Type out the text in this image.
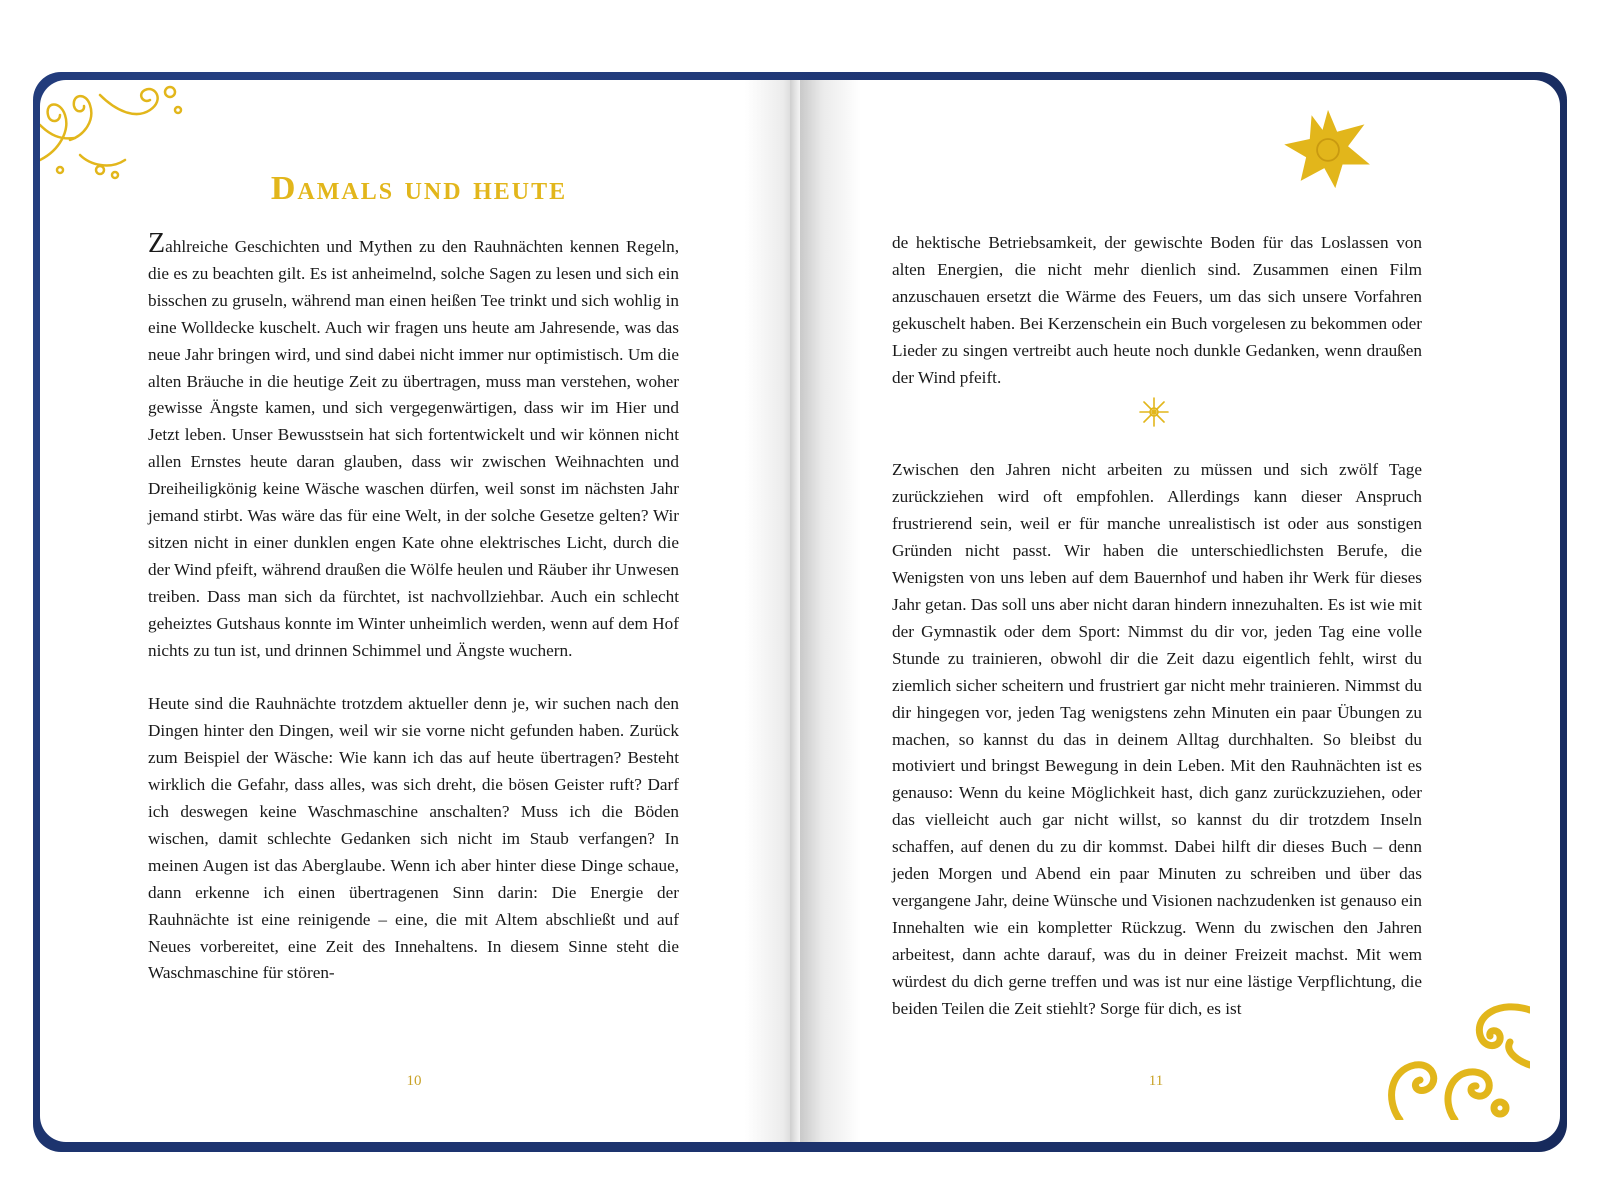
Damals und heute

Zahlreiche Geschichten und Mythen zu den Rauhnächten kennen Regeln, die es zu beachten gilt. Es ist anheimelnd, solche Sagen zu lesen und sich ein bisschen zu gruseln, während man einen heißen Tee trinkt und sich wohlig in eine Wolldecke kuschelt. Auch wir fragen uns heute am Jahresende, was das neue Jahr bringen wird, und sind dabei nicht immer nur optimistisch. Um die alten Bräuche in die heutige Zeit zu übertragen, muss man verstehen, woher gewisse Ängste kamen, und sich vergegenwärtigen, dass wir im Hier und Jetzt leben. Unser Bewusstsein hat sich fortentwickelt und wir können nicht allen Ernstes heute daran glauben, dass wir zwischen Weihnachten und Dreiheiligkönig keine Wäsche waschen dürfen, weil sonst im nächsten Jahr jemand stirbt. Was wäre das für eine Welt, in der solche Gesetze gelten? Wir sitzen nicht in einer dunklen engen Kate ohne elektrisches Licht, durch die der Wind pfeift, während draußen die Wölfe heulen und Räuber ihr Unwesen treiben. Dass man sich da fürchtet, ist nachvollziehbar. Auch ein schlecht geheiztes Gutshaus konnte im Winter unheimlich werden, wenn auf dem Hof nichts zu tun ist, und drinnen Schimmel und Ängste wuchern.

Heute sind die Rauhnächte trotzdem aktueller denn je, wir suchen nach den Dingen hinter den Dingen, weil wir sie vorne nicht gefunden haben. Zurück zum Beispiel der Wäsche: Wie kann ich das auf heute übertragen? Besteht wirklich die Gefahr, dass alles, was sich dreht, die bösen Geister ruft? Darf ich deswegen keine Waschmaschine anschalten? Muss ich die Böden wischen, damit schlechte Gedanken sich nicht im Staub verfangen? In meinen Augen ist das Aberglaube. Wenn ich aber hinter diese Dinge schaue, dann erkenne ich einen übertragenen Sinn darin: Die Energie der Rauhnächte ist eine reinigende – eine, die mit Altem abschließt und auf Neues vorbereitet, eine Zeit des Innehaltens. In diesem Sinne steht die Waschmaschine für stören-

10

de hektische Betriebsamkeit, der gewischte Boden für das Loslassen von alten Energien, die nicht mehr dienlich sind. Zusammen einen Film anzuschauen ersetzt die Wärme des Feuers, um das sich unsere Vorfahren gekuschelt haben. Bei Kerzenschein ein Buch vorgelesen zu bekommen oder Lieder zu singen vertreibt auch heute noch dunkle Gedanken, wenn draußen der Wind pfeift.

Zwischen den Jahren nicht arbeiten zu müssen und sich zwölf Tage zurückziehen wird oft empfohlen. Allerdings kann dieser Anspruch frustrierend sein, weil er für manche unrealistisch ist oder aus sonstigen Gründen nicht passt. Wir haben die unterschiedlichsten Berufe, die Wenigsten von uns leben auf dem Bauernhof und haben ihr Werk für dieses Jahr getan. Das soll uns aber nicht daran hindern innezuhalten. Es ist wie mit der Gymnastik oder dem Sport: Nimmst du dir vor, jeden Tag eine volle Stunde zu trainieren, obwohl dir die Zeit dazu eigentlich fehlt, wirst du ziemlich sicher scheitern und frustriert gar nicht mehr trainieren. Nimmst du dir hingegen vor, jeden Tag wenigstens zehn Minuten ein paar Übungen zu machen, so kannst du das in deinem Alltag durchhalten. So bleibst du motiviert und bringst Bewegung in dein Leben. Mit den Rauhnächten ist es genauso: Wenn du keine Möglichkeit hast, dich ganz zurückzuziehen, oder das vielleicht auch gar nicht willst, so kannst du dir trotzdem Inseln schaffen, auf denen du zu dir kommst. Dabei hilft dir dieses Buch – denn jeden Morgen und Abend ein paar Minuten zu schreiben und über das vergangene Jahr, deine Wünsche und Visionen nachzudenken ist genauso ein Innehalten wie ein kompletter Rückzug. Wenn du zwischen den Jahren arbeitest, dann achte darauf, was du in deiner Freizeit machst. Mit wem würdest du dich gerne treffen und was ist nur eine lästige Verpflichtung, die beiden Teilen die Zeit stiehlt? Sorge für dich, es ist

11
